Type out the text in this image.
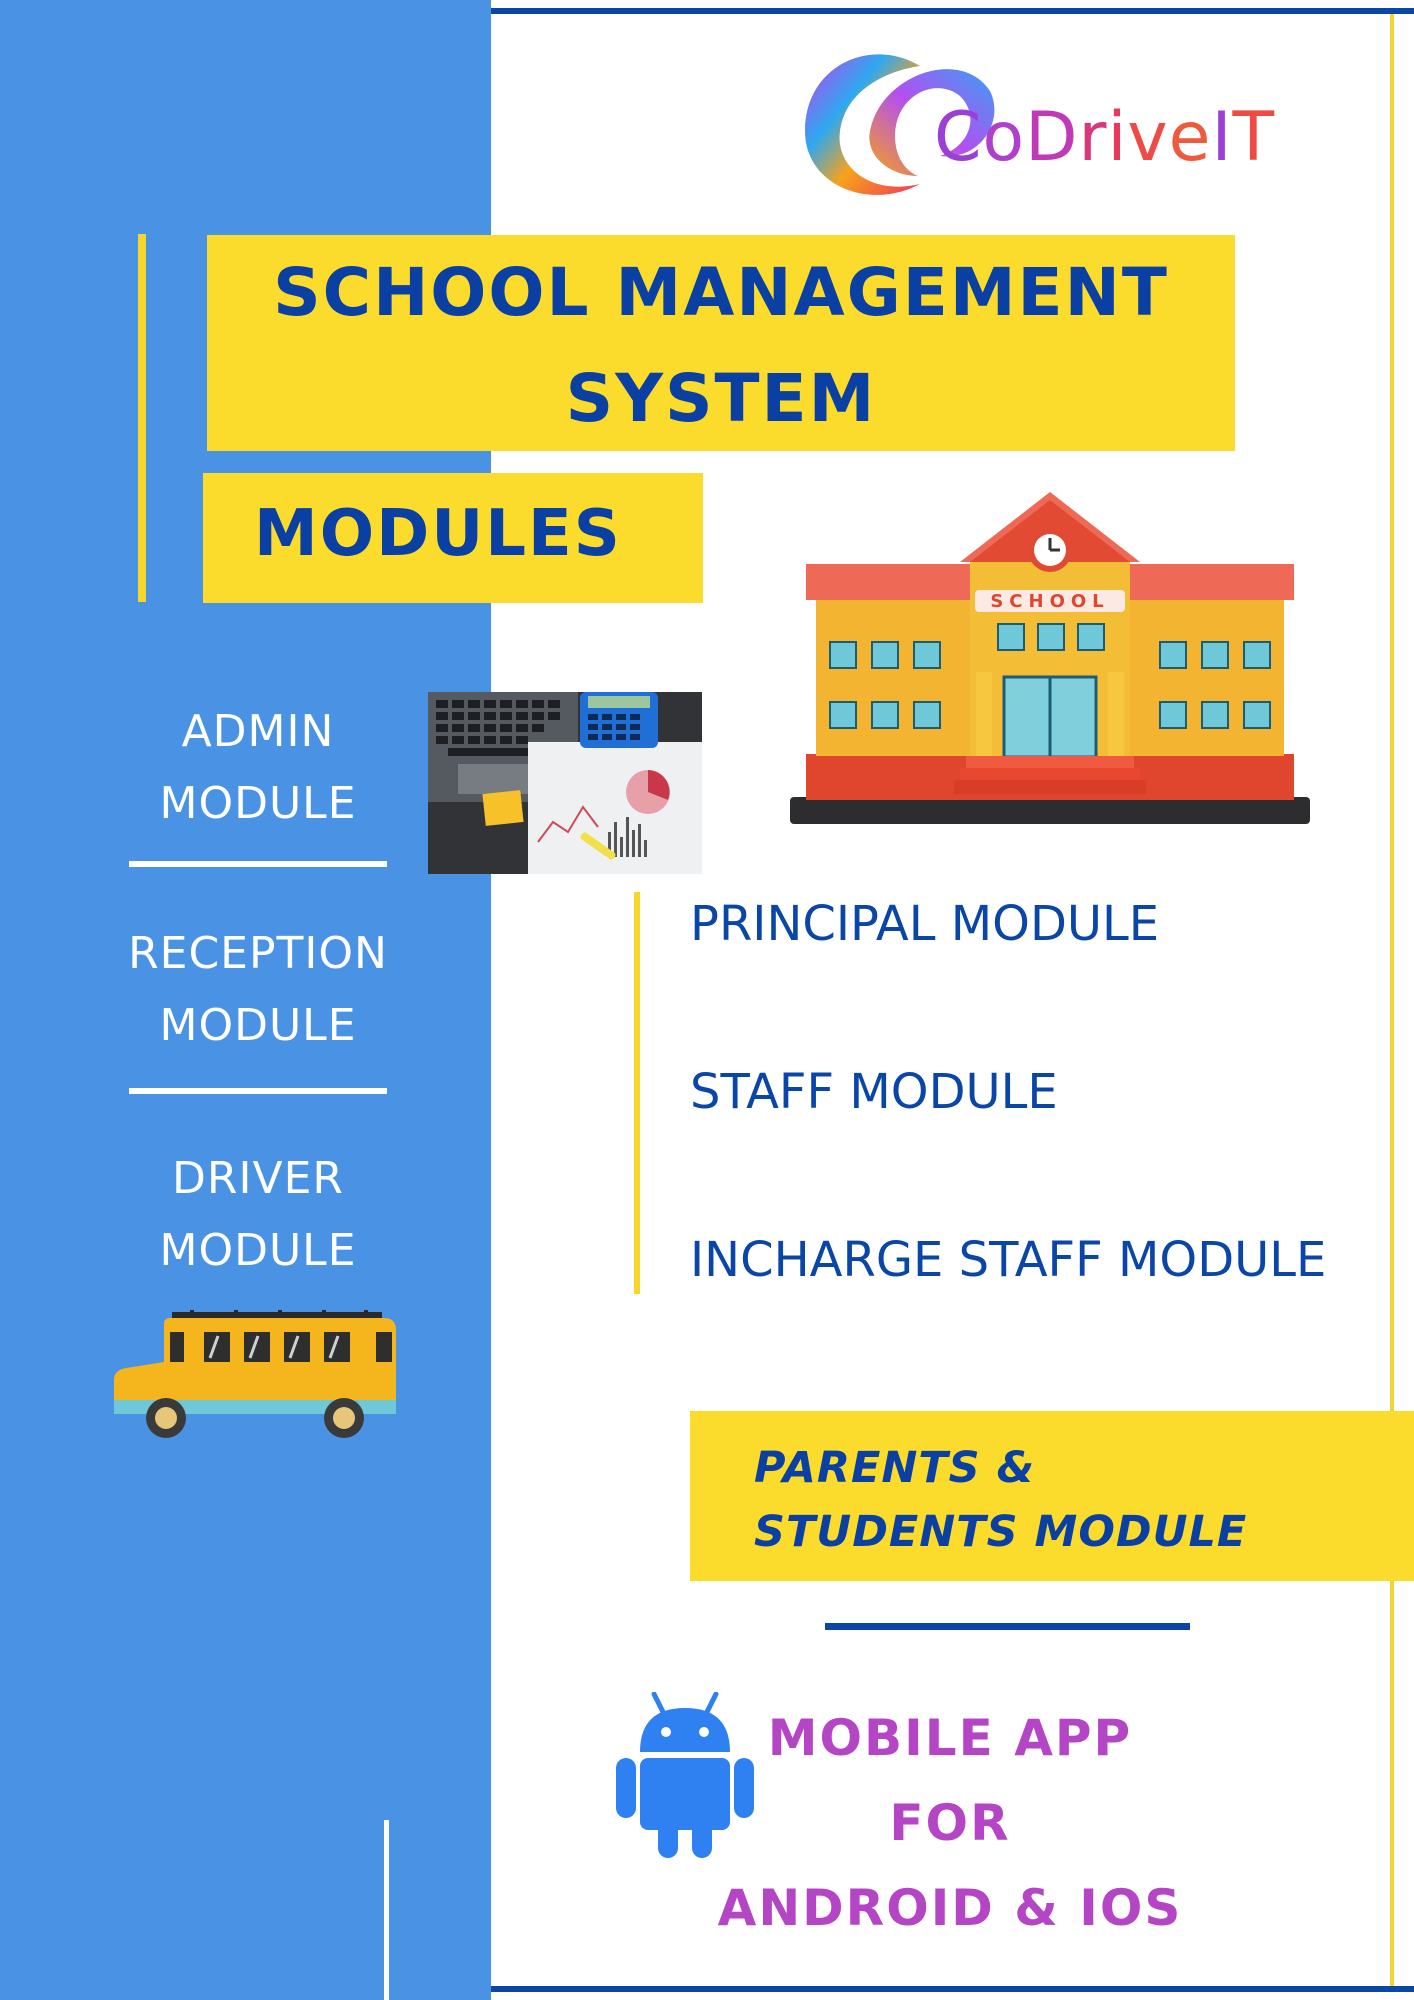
CoDriveIT
SCHOOL MANAGEMENT
SYSTEM
MODULES
ADMIN
MODULE
RECEPTION
MODULE
DRIVER
MODULE
SCHOOL
PRINCIPAL MODULE
STAFF MODULE
INCHARGE STAFF MODULE
PARENTS &
STUDENTS MODULE
MOBILE APP
FOR
ANDROID & IOS
